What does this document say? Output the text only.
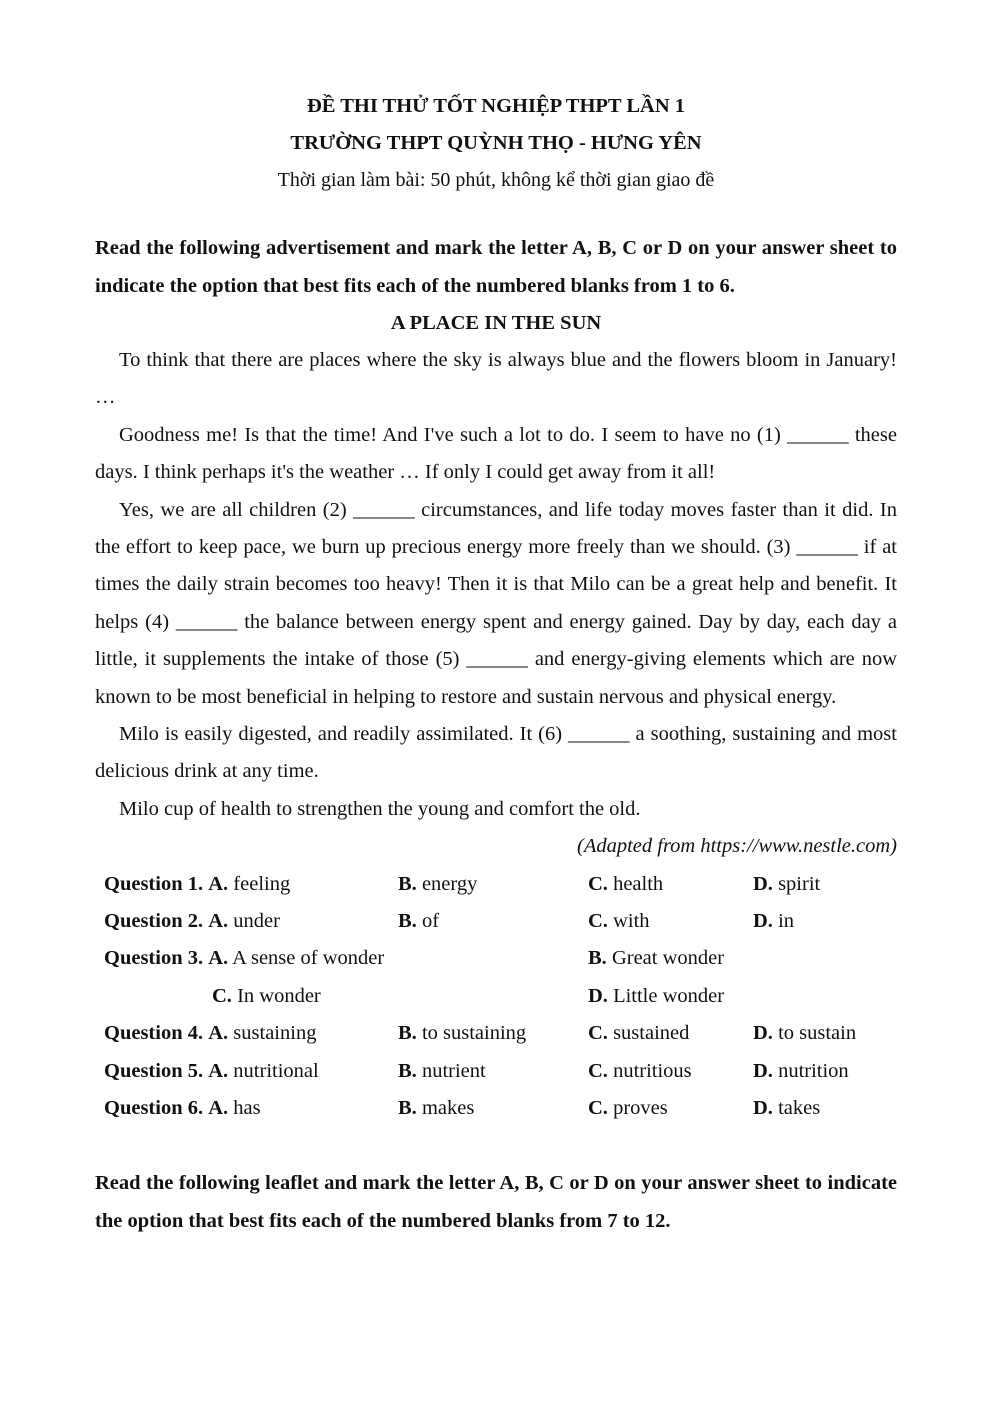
ĐỀ THI THỬ TỐT NGHIỆP THPT LẦN 1
TRƯỜNG THPT QUỲNH THỌ - HƯNG YÊN
Thời gian làm bài: 50 phút, không kể thời gian giao đề

Read the following advertisement and mark the letter A, B, C or D on your answer sheet to indicate the option that best fits each of the numbered blanks from 1 to 6.

A PLACE IN THE SUN

To think that there are places where the sky is always blue and the flowers bloom in January! …

Goodness me! Is that the time! And I've such a lot to do. I seem to have no (1) ______ these days. I think perhaps it's the weather … If only I could get away from it all!

Yes, we are all children (2) ______ circumstances, and life today moves faster than it did. In the effort to keep pace, we burn up precious energy more freely than we should. (3) ______ if at times the daily strain becomes too heavy! Then it is that Milo can be a great help and benefit. It helps (4) ______ the balance between energy spent and energy gained. Day by day, each day a little, it supplements the intake of those (5) ______ and energy-giving elements which are now known to be most beneficial in helping to restore and sustain nervous and physical energy.

Milo is easily digested, and readily assimilated. It (6) ______ a soothing, sustaining and most delicious drink at any time.

Milo cup of health to strengthen the young and comfort the old.

(Adapted from https://www.nestle.com)
Question 1. A. feeling	B. energy	C. health	D. spirit
Question 2. A. under	B. of	C. with	D. in
Question 3. A. A sense of wonder	B. Great wonder
C. In wonder	D. Little wonder
Question 4. A. sustaining	B. to sustaining	C. sustained	D. to sustain
Question 5. A. nutritional	B. nutrient	C. nutritious	D. nutrition
Question 6. A. has	B. makes	C. proves	D. takes

Read the following leaflet and mark the letter A, B, C or D on your answer sheet to indicate the option that best fits each of the numbered blanks from 7 to 12.
